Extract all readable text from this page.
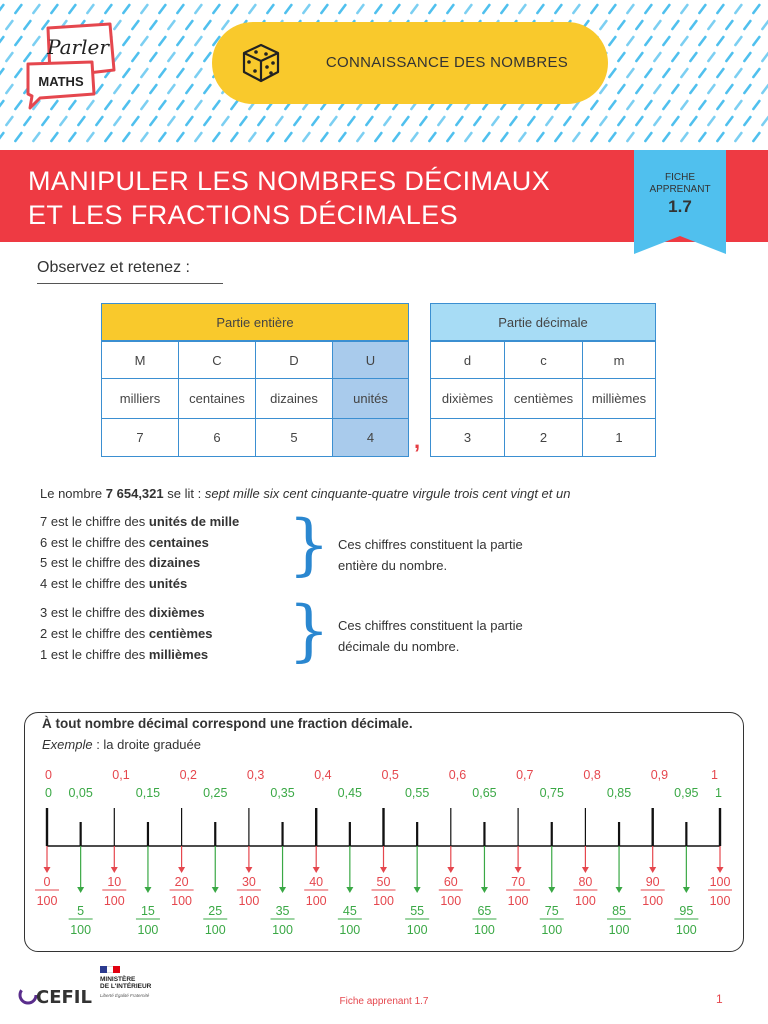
Parler
MATHS
CONNAISSANCE DES NOMBRES
MANIPULER LES NOMBRES DÉCIMAUX
ET LES FRACTIONS DÉCIMALES
FICHE
APPRENANT
1.7
Observez et retenez :
Partie entière	Partie décimale
M	C	D	U	d	c	m
milliers	centaines	dizaines	unités	dixièmes	centièmes	millièmes
7	6	5	4	3	2	1
,
Le nombre 7 654,321 se lit : sept mille six cent cinquante-quatre virgule trois cent vingt et un
7 est le chiffre des unités de mille
6 est le chiffre des centaines
5 est le chiffre des dizaines
4 est le chiffre des unités
3 est le chiffre des dixièmes
2 est le chiffre des centièmes
1 est le chiffre des millièmes
}
}
Ces chiffres constituent la partie
entière du nombre.
Ces chiffres constituent la partie
décimale du nombre.
À tout nombre décimal correspond une fraction décimale.
Exemple : la droite graduée
0
0
0
100
0,1
10
100
0,2
20
100
0,3
30
100
0,4
40
100
0,5
50
100
0,6
60
100
0,7
70
100
0,8
80
100
0,9
90
100
1
1
100
100
0,05
5
100
0,15
15
100
0,25
25
100
0,35
35
100
0,45
45
100
0,55
55
100
0,65
65
100
0,75
75
100
0,85
85
100
0,95
95
100
CEFIL
MINISTÈRE
DE L'INTÉRIEUR
Liberté Égalité Fraternité
Fiche apprenant 1.7	1
